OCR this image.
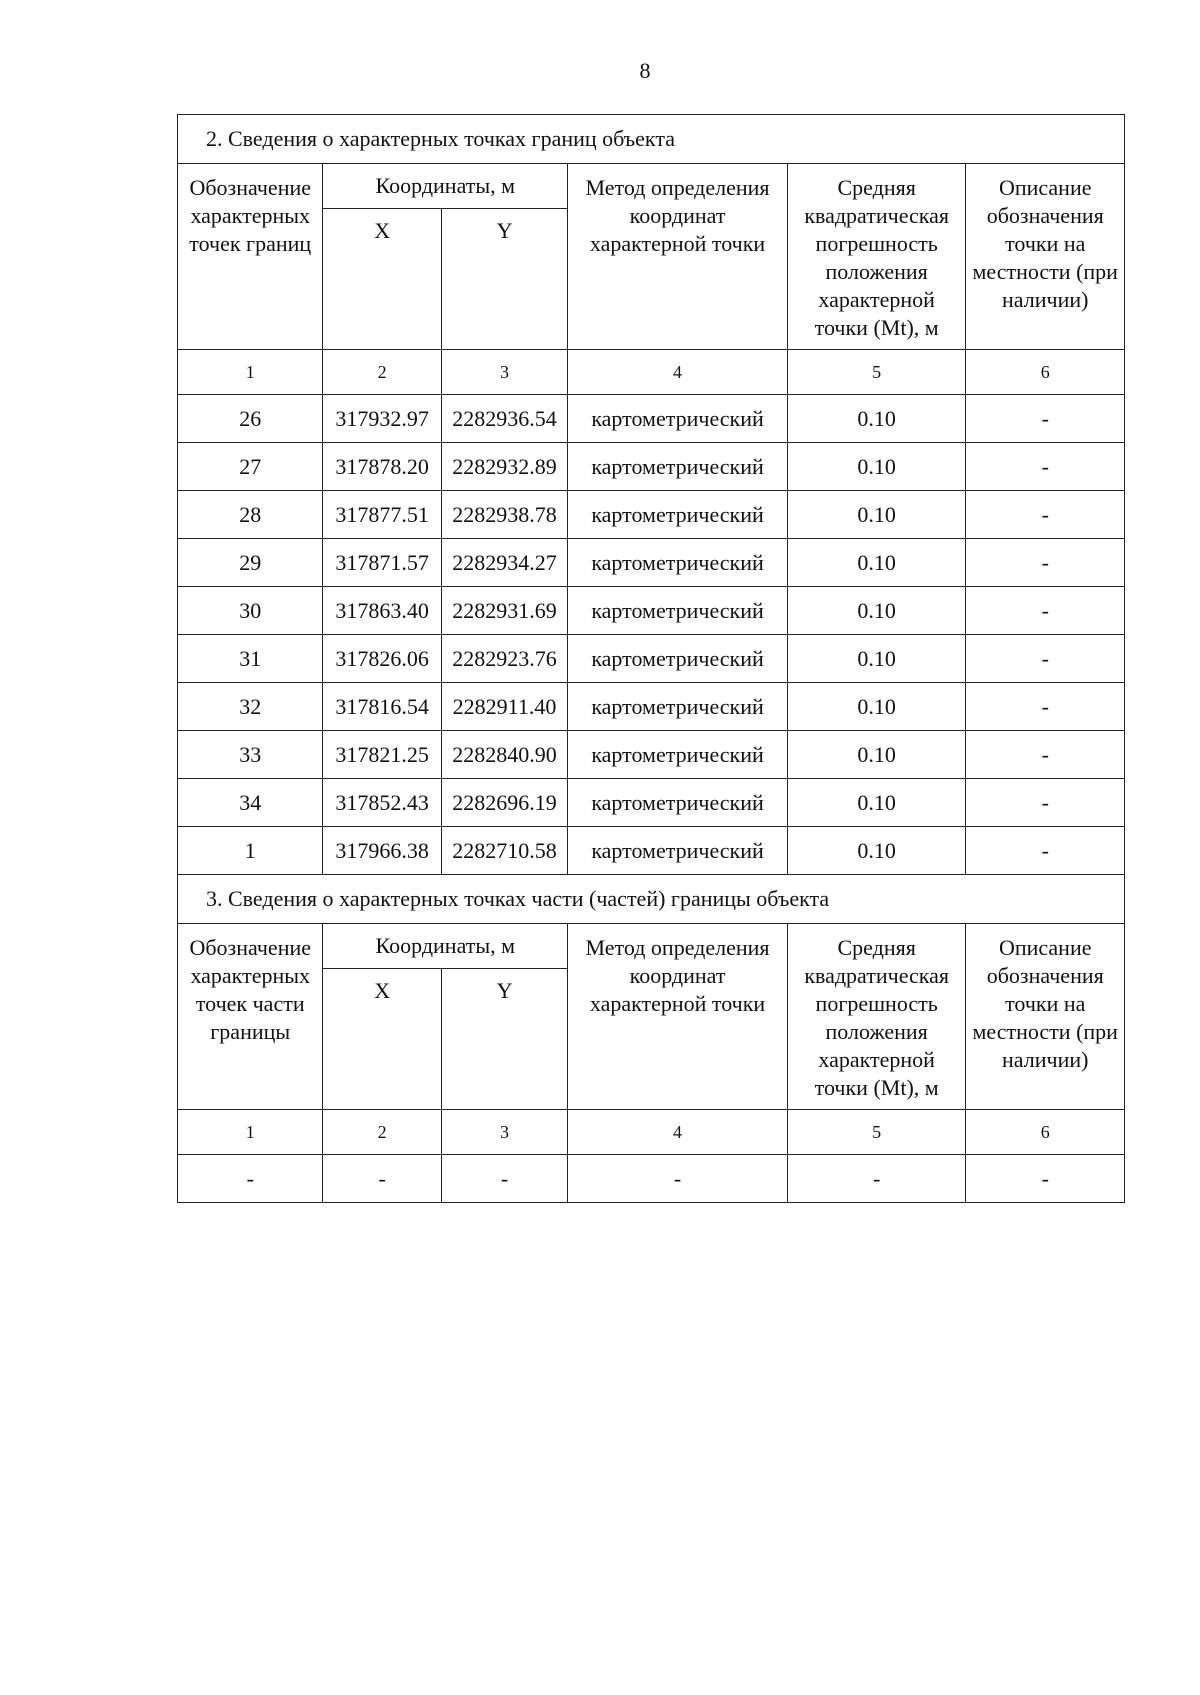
8
2. Сведения о характерных точках границ объекта					
Обозначение характерных точек границ	Координаты, м		Метод определения координат характерной точки	Средняя квадратическая погрешность положения характерной точки (Mt), м	Описание обозначения точки на местности (при наличии)
	X	Y			
1	2	3	4	5	6
26	317932.97	2282936.54	картометрический	0.10	-
27	317878.20	2282932.89	картометрический	0.10	-
28	317877.51	2282938.78	картометрический	0.10	-
29	317871.57	2282934.27	картометрический	0.10	-
30	317863.40	2282931.69	картометрический	0.10	-
31	317826.06	2282923.76	картометрический	0.10	-
32	317816.54	2282911.40	картометрический	0.10	-
33	317821.25	2282840.90	картометрический	0.10	-
34	317852.43	2282696.19	картометрический	0.10	-
1	317966.38	2282710.58	картометрический	0.10	-
3. Сведения о характерных точках части (частей) границы объекта					
Обозначение характерных точек части границы	Координаты, м		Метод определения координат характерной точки	Средняя квадратическая погрешность положения характерной точки (Mt), м	Описание обозначения точки на местности (при наличии)
	X	Y			
1	2	3	4	5	6
-	-	-	-	-	-
